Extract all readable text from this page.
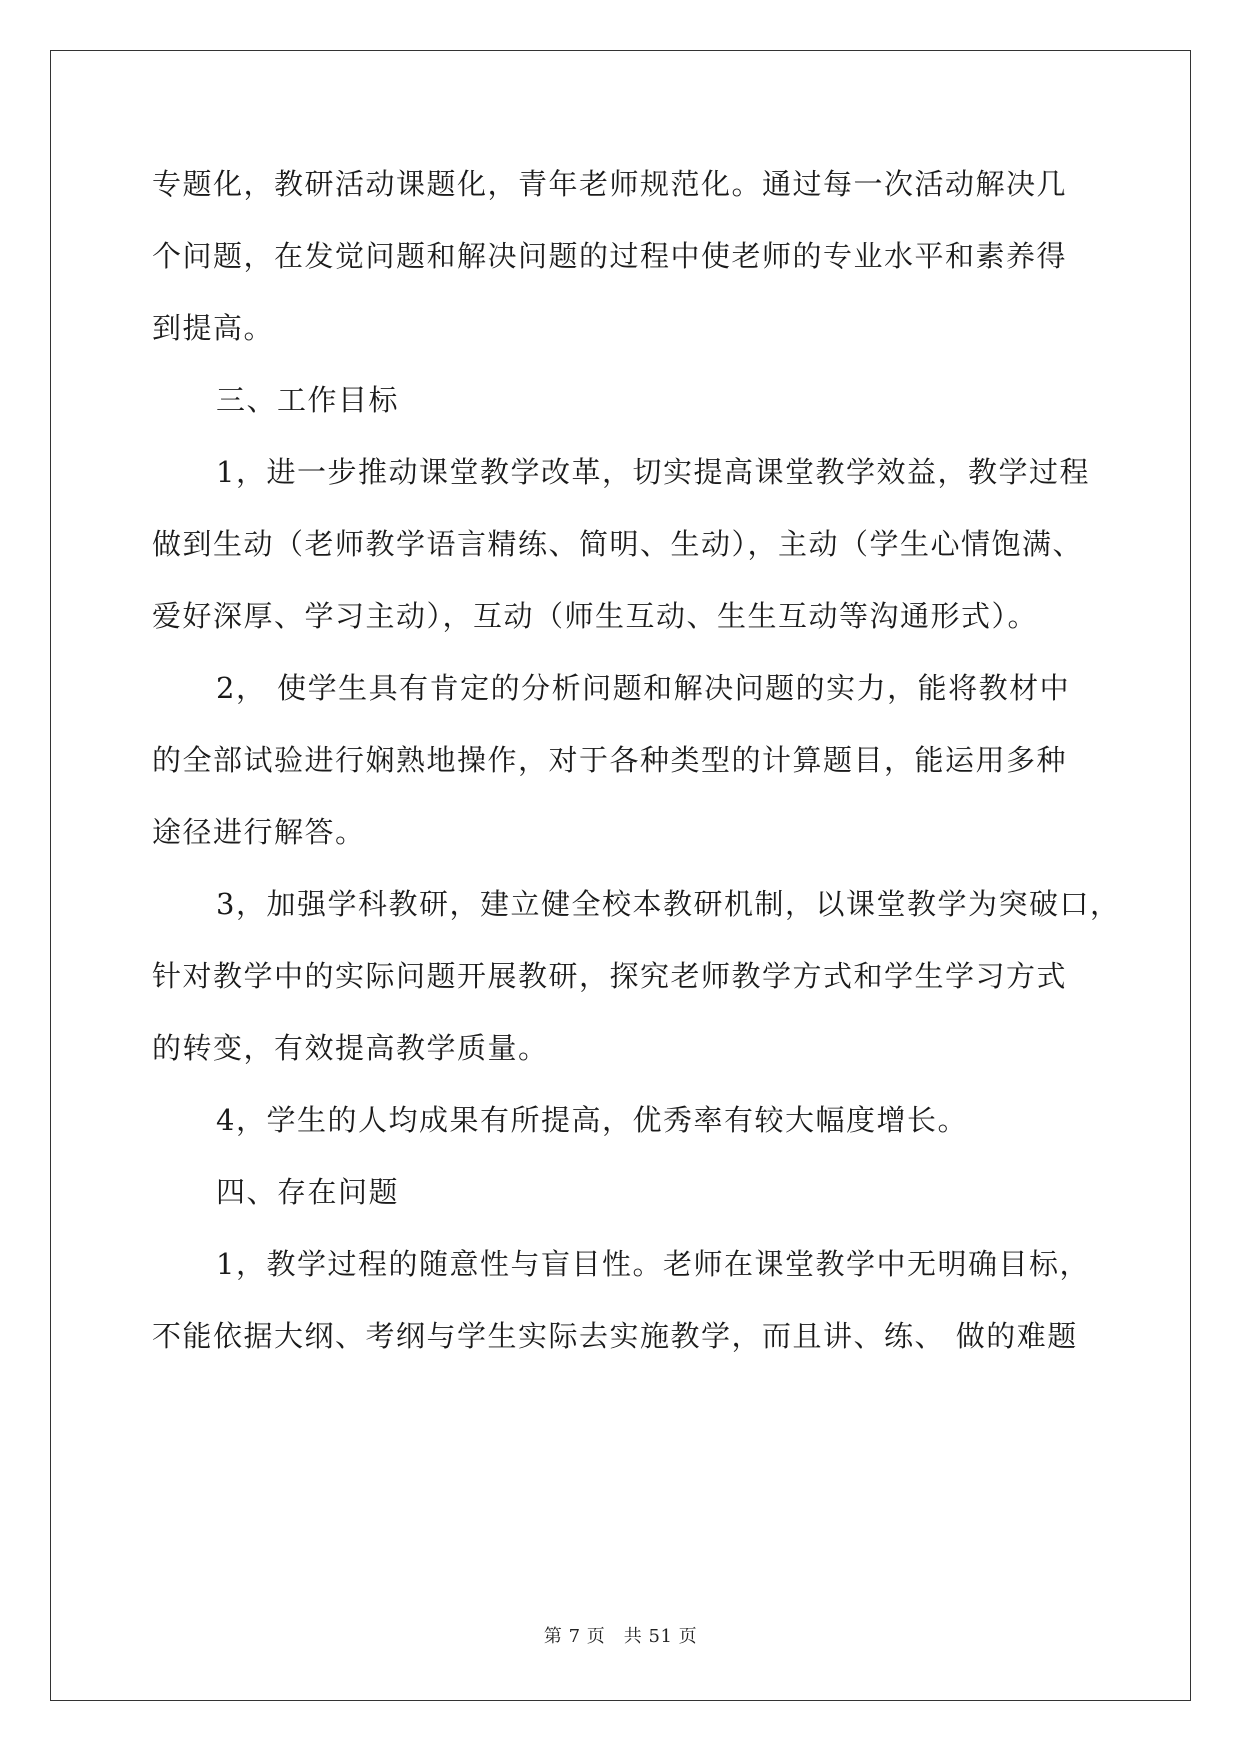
专题化，教研活动课题化，青年老师规范化。通过每一次活动解决几
个问题，在发觉问题和解决问题的过程中使老师的专业水平和素养得
到提高。
三、工作目标
1，进一步推动课堂教学改革，切实提高课堂教学效益，教学过程
做到生动（老师教学语言精练、简明、生动），主动（学生心情饱满、
爱好深厚、学习主动），互动（师生互动、生生互动等沟通形式）。
2， 使学生具有肯定的分析问题和解决问题的实力，能将教材中
的全部试验进行娴熟地操作，对于各种类型的计算题目，能运用多种
途径进行解答。
3，加强学科教研，建立健全校本教研机制，以课堂教学为突破口，
针对教学中的实际问题开展教研，探究老师教学方式和学生学习方式
的转变，有效提高教学质量。
4，学生的人均成果有所提高，优秀率有较大幅度增长。
四、存在问题
1，教学过程的随意性与盲目性。老师在课堂教学中无明确目标，
不能依据大纲、考纲与学生实际去实施教学，而且讲、练、 做的难题
第 7 页　共 51 页
